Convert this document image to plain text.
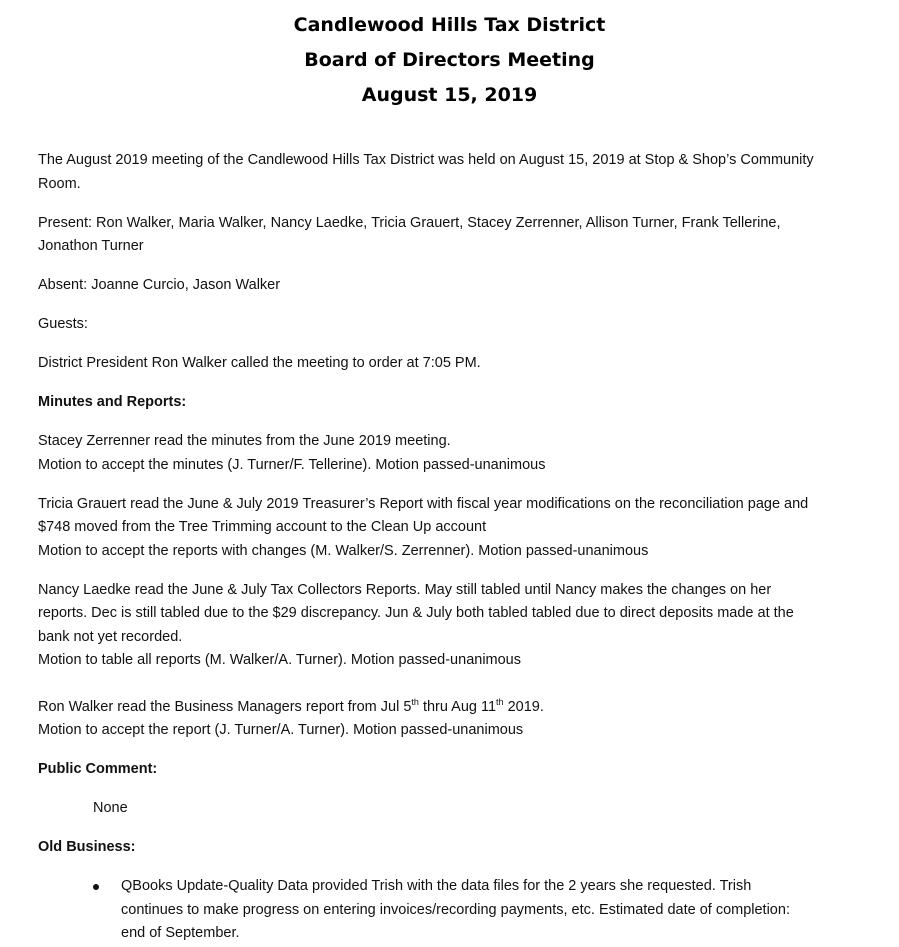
Candlewood Hills Tax District
Board of Directors Meeting
August 15, 2019

The August 2019 meeting of the Candlewood Hills Tax District was held on August 15, 2019 at Stop & Shop’s Community
Room.

Present: Ron Walker, Maria Walker, Nancy Laedke, Tricia Grauert, Stacey Zerrenner, Allison Turner, Frank Tellerine,
Jonathon Turner

Absent: Joanne Curcio, Jason Walker

Guests:

District President Ron Walker called the meeting to order at 7:05 PM.

Minutes and Reports:

Stacey Zerrenner read the minutes from the June 2019 meeting.
Motion to accept the minutes (J. Turner/F. Tellerine). Motion passed-unanimous

Tricia Grauert read the June & July 2019 Treasurer’s Report with fiscal year modifications on the reconciliation page and
$748 moved from the Tree Trimming account to the Clean Up account
Motion to accept the reports with changes (M. Walker/S. Zerrenner). Motion passed-unanimous

Nancy Laedke read the June & July Tax Collectors Reports. May still tabled until Nancy makes the changes on her
reports. Dec is still tabled due to the $29 discrepancy. Jun & July both tabled tabled due to direct deposits made at the
bank not yet recorded.
Motion to table all reports (M. Walker/A. Turner). Motion passed-unanimous

Ron Walker read the Business Managers report from Jul 5th thru Aug 11th 2019.
Motion to accept the report (J. Turner/A. Turner). Motion passed-unanimous

Public Comment:

None

Old Business:

QBooks Update-Quality Data provided Trish with the data files for the 2 years she requested. Trish
continues to make progress on entering invoices/recording payments, etc. Estimated date of completion:
end of September.
